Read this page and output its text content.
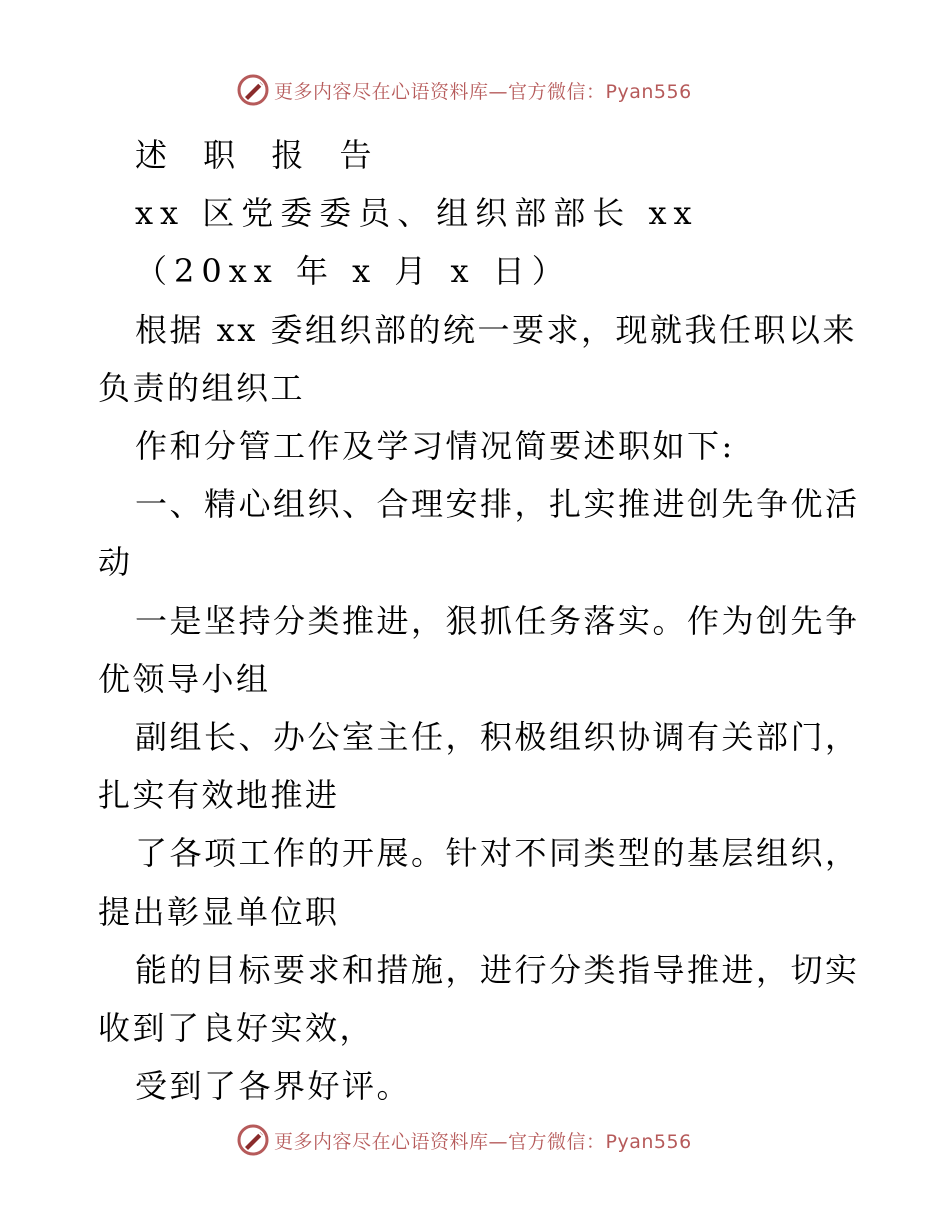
更多内容尽在心语资料库—官方微信：Pyan556

述 职 报 告

xx 区党委委员、组织部部长 xx

（20xx 年 x 月 x 日）

根据 xx 委组织部的统一要求，现就我任职以来

负责的组织工

作和分管工作及学习情况简要述职如下:

一、精心组织、合理安排，扎实推进创先争优活

动

一是坚持分类推进，狠抓任务落实。作为创先争

优领导小组

副组长、办公室主任，积极组织协调有关部门，

扎实有效地推进

了各项工作的开展。针对不同类型的基层组织，

提出彰显单位职

能的目标要求和措施，进行分类指导推进，切实

收到了良好实效，

受到了各界好评。

更多内容尽在心语资料库—官方微信：Pyan556
